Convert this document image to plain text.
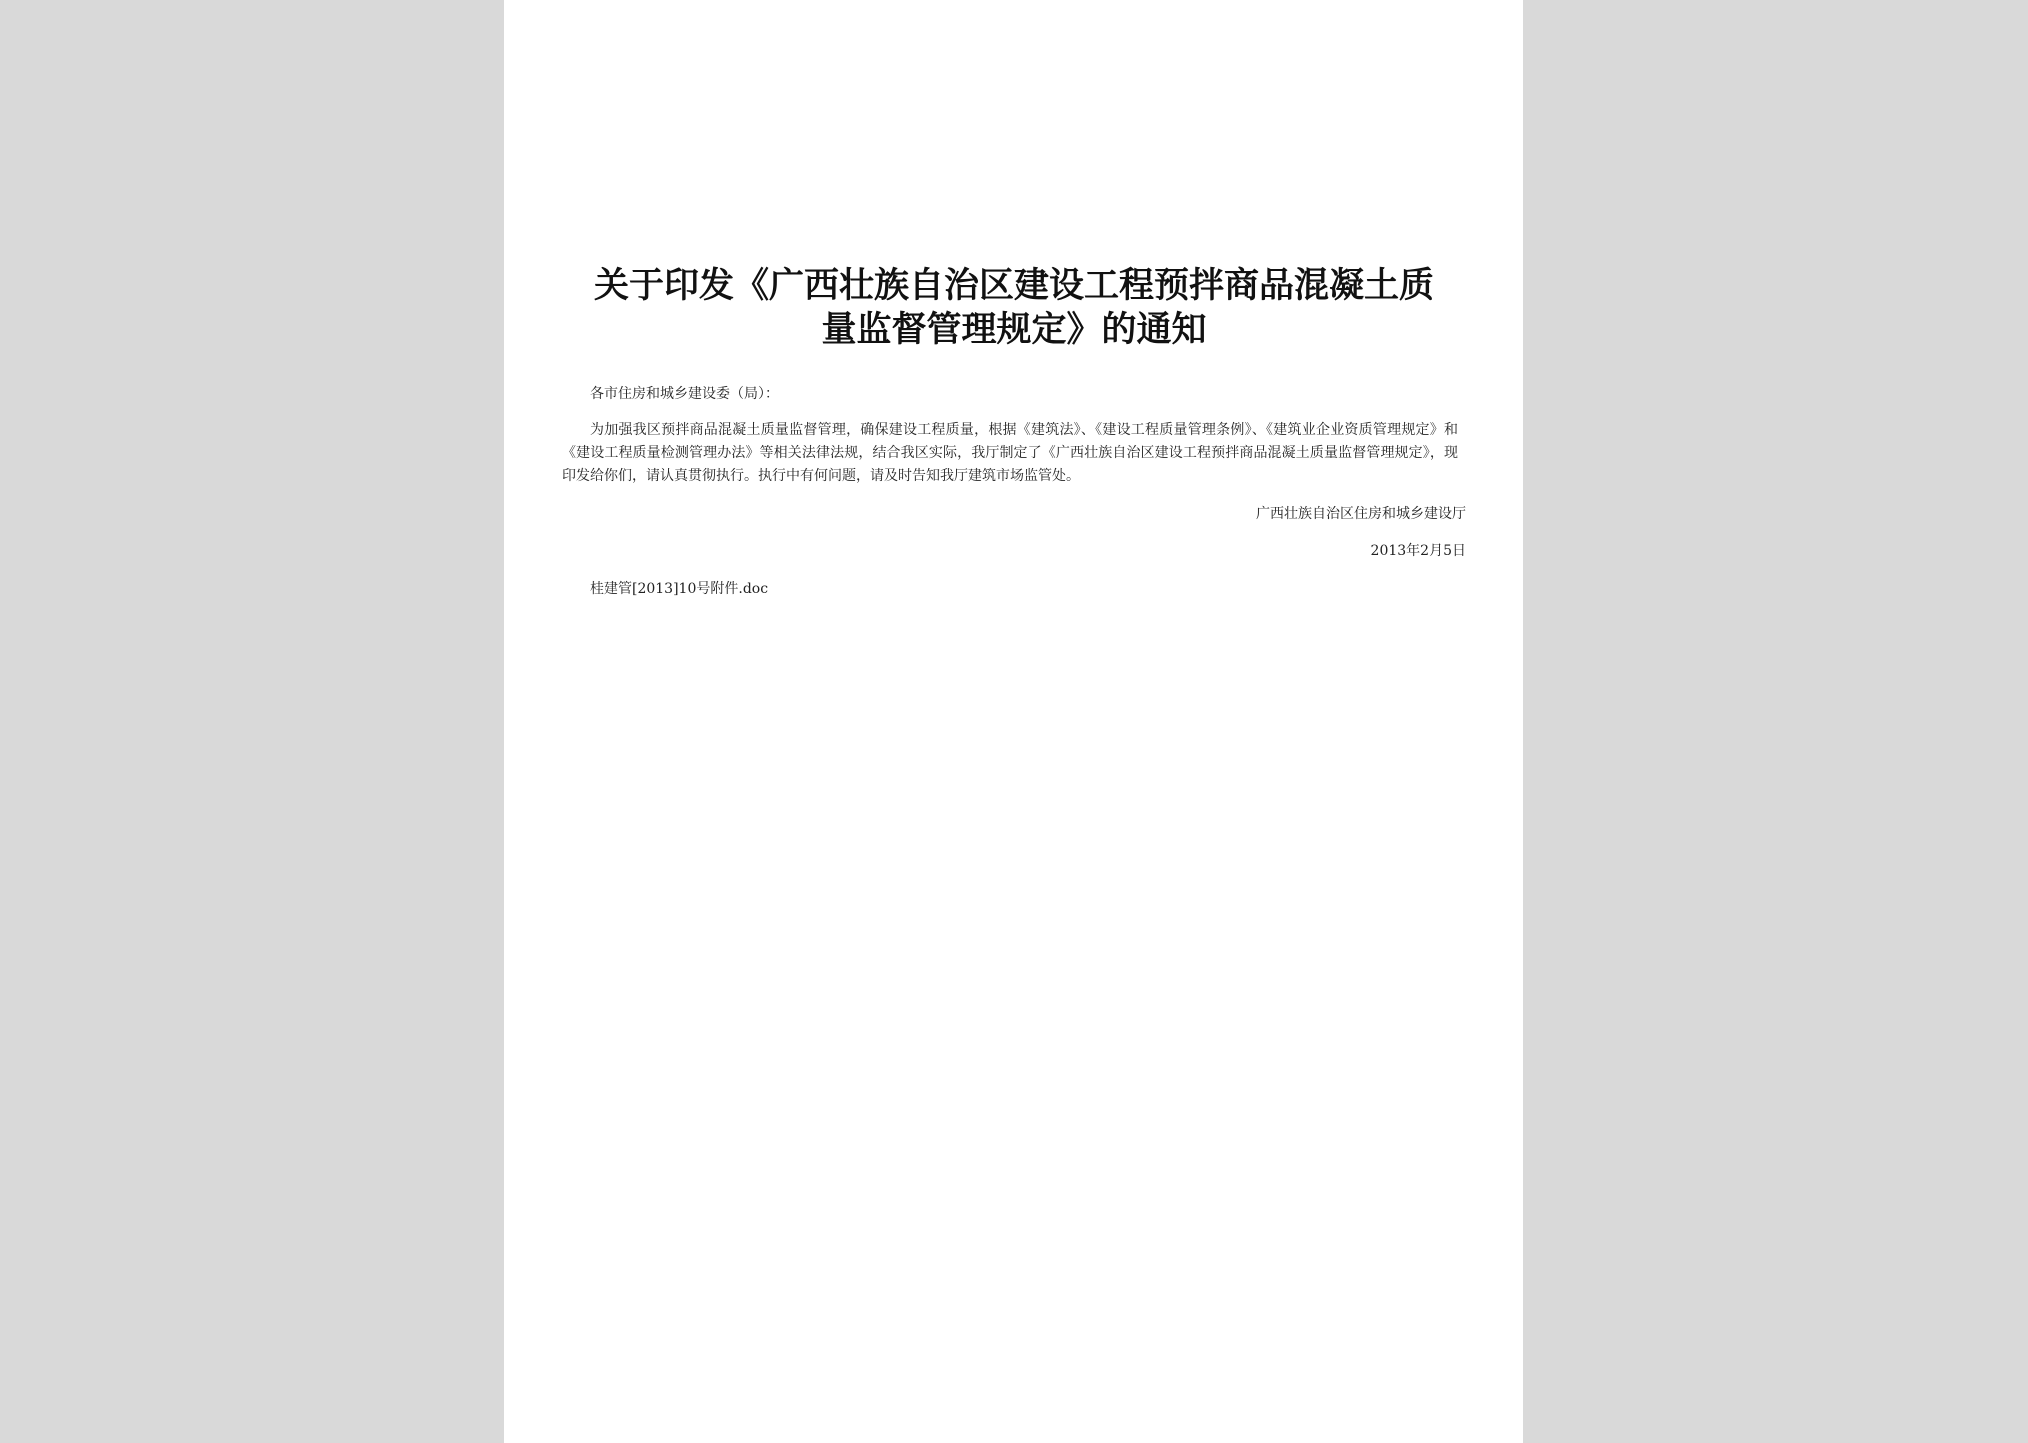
关于印发《广西壮族自治区建设工程预拌商品混凝土质
量监督管理规定》的通知

各市住房和城乡建设委（局）：

为加强我区预拌商品混凝土质量监督管理，确保建设工程质量，根据《建筑法》、《建设工程质量管理条例》、《建筑业企业资质管理规定》和《建设工程质量检测管理办法》等相关法律法规，结合我区实际，我厅制定了《广西壮族自治区建设工程预拌商品混凝土质量监督管理规定》，现印发给你们，请认真贯彻执行。执行中有何问题，请及时告知我厅建筑市场监管处。

广西壮族自治区住房和城乡建设厅

2013年2月5日

桂建管[2013]10号附件.doc
